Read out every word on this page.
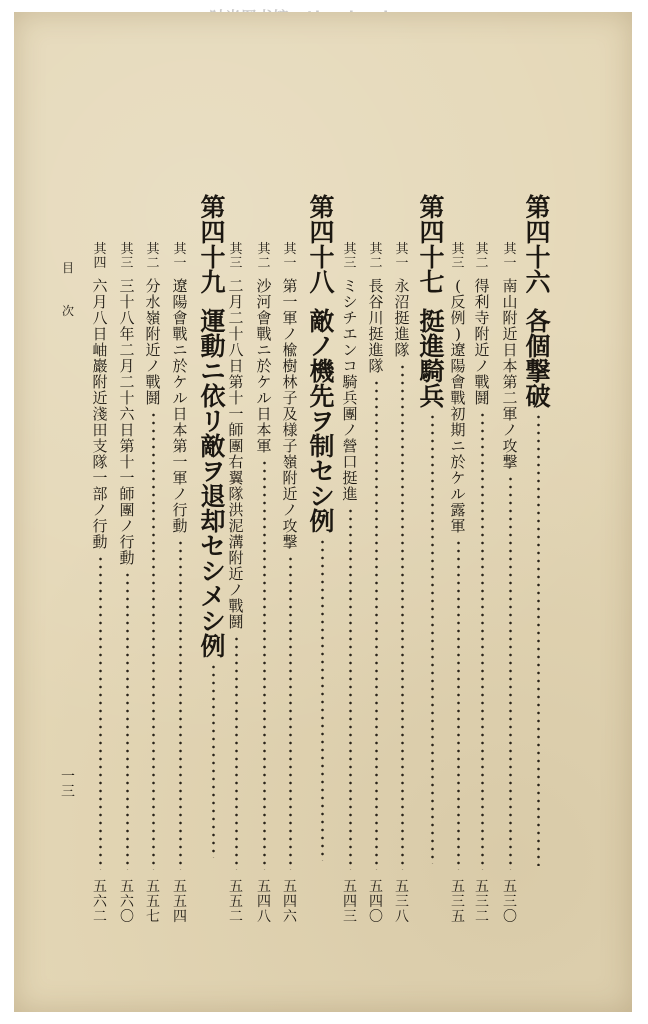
目
次
一
三
第
四
十
六
各
個
撃
破
其
一
南
山
附
近
日
本
第
二
軍
ノ
攻
撃
五
三
〇
其
二
得
利
寺
附
近
ノ
戰
鬪
五
三
二
其
三
(
反
例
)
遼
陽
會
戰
初
期
ニ
於
ケ
ル
露
軍
五
三
五
第
四
十
七
挺
進
騎
兵
其
一
永
沼
挺
進
隊
五
三
八
其
二
長
谷
川
挺
進
隊
五
四
〇
其
三
ミ
シ
チ
エ
ン
コ
騎
兵
團
ノ
營
口
挺
進
五
四
三
第
四
十
八
敵
ノ
機
先
ヲ
制
セ
シ
例
其
一
第
一
軍
ノ
楡
樹
林
子
及
様
子
嶺
附
近
ノ
攻
撃
五
四
六
其
二
沙
河
會
戰
ニ
於
ケ
ル
日
本
軍
五
四
八
其
三
二
月
二
十
八
日
第
十
一
師
團
右
翼
隊
洪
泥
溝
附
近
ノ
戰
鬪
五
五
二
第
四
十
九
運
動
ニ
依
リ
敵
ヲ
退
却
セ
シ
メ
シ
例
其
一
遼
陽
會
戰
ニ
於
ケ
ル
日
本
第
一
軍
ノ
行
動
五
五
四
其
二
分
水
嶺
附
近
ノ
戰
鬪
五
五
七
其
三
三
十
八
年
二
月
二
十
六
日
第
十
一
師
團
ノ
行
動
五
六
〇
其
四
六
月
八
日
岫
巖
附
近
淺
田
支
隊
一
部
ノ
行
動
五
六
二
